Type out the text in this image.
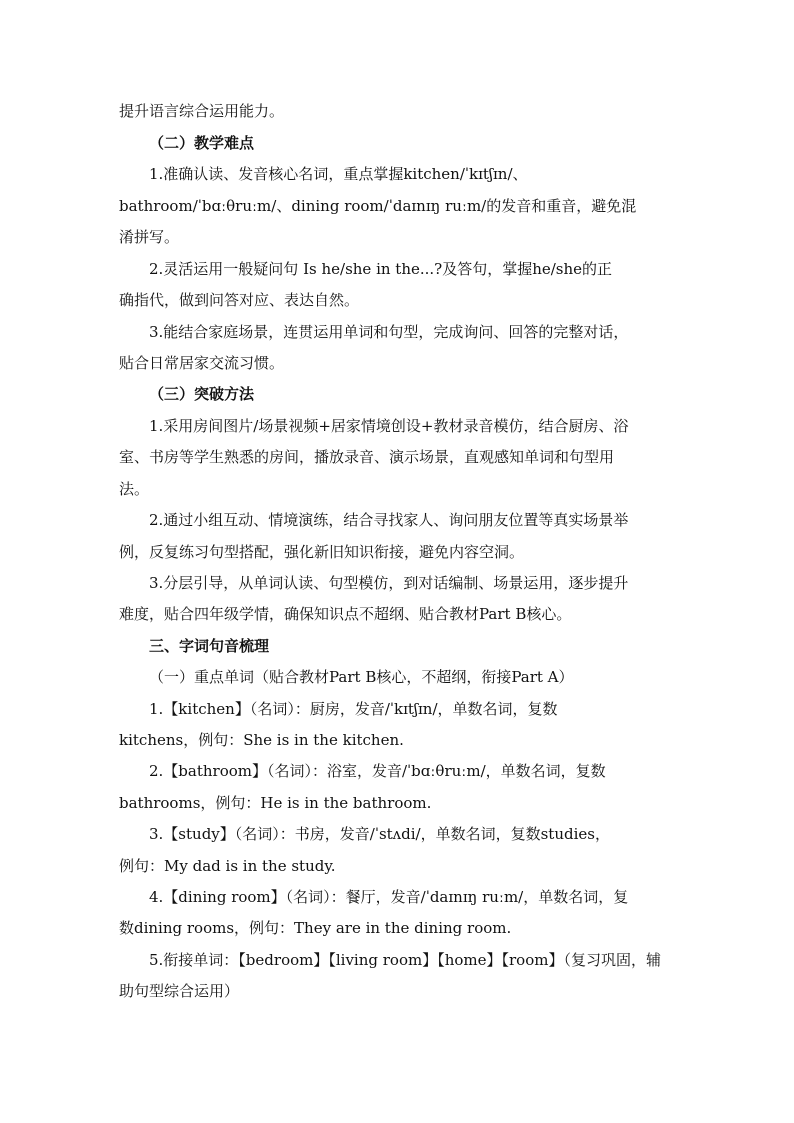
提升语言综合运用能力。
（二）教学难点
1.准确认读、发音核心名词，重点掌握kitchen/ˈkɪtʃɪn/、
bathroom/ˈbɑːθruːm/、dining room/ˈdaɪnɪŋ ruːm/的发音和重音，避免混
淆拼写。
2.灵活运用一般疑问句 Is he/she in the...?及答句，掌握he/she的正
确指代，做到问答对应、表达自然。
3.能结合家庭场景，连贯运用单词和句型，完成询问、回答的完整对话，
贴合日常居家交流习惯。
（三）突破方法
1.采用房间图片/场景视频+居家情境创设+教材录音模仿，结合厨房、浴
室、书房等学生熟悉的房间，播放录音、演示场景，直观感知单词和句型用
法。
2.通过小组互动、情境演练，结合寻找家人、询问朋友位置等真实场景举
例，反复练习句型搭配，强化新旧知识衔接，避免内容空洞。
3.分层引导，从单词认读、句型模仿，到对话编制、场景运用，逐步提升
难度，贴合四年级学情，确保知识点不超纲、贴合教材Part B核心。
三、字词句音梳理
（一）重点单词（贴合教材Part B核心，不超纲，衔接Part A）
1.【kitchen】（名词）：厨房，发音/ˈkɪtʃɪn/，单数名词，复数
kitchens，例句：She is in the kitchen.
2.【bathroom】（名词）：浴室，发音/ˈbɑːθruːm/，单数名词，复数
bathrooms，例句：He is in the bathroom.
3.【study】（名词）：书房，发音/ˈstʌdi/，单数名词，复数studies，
例句：My dad is in the study.
4.【dining room】（名词）：餐厅，发音/ˈdaɪnɪŋ ruːm/，单数名词，复
数dining rooms，例句：They are in the dining room.
5.衔接单词：【bedroom】【living room】【home】【room】（复习巩固，辅
助句型综合运用）
